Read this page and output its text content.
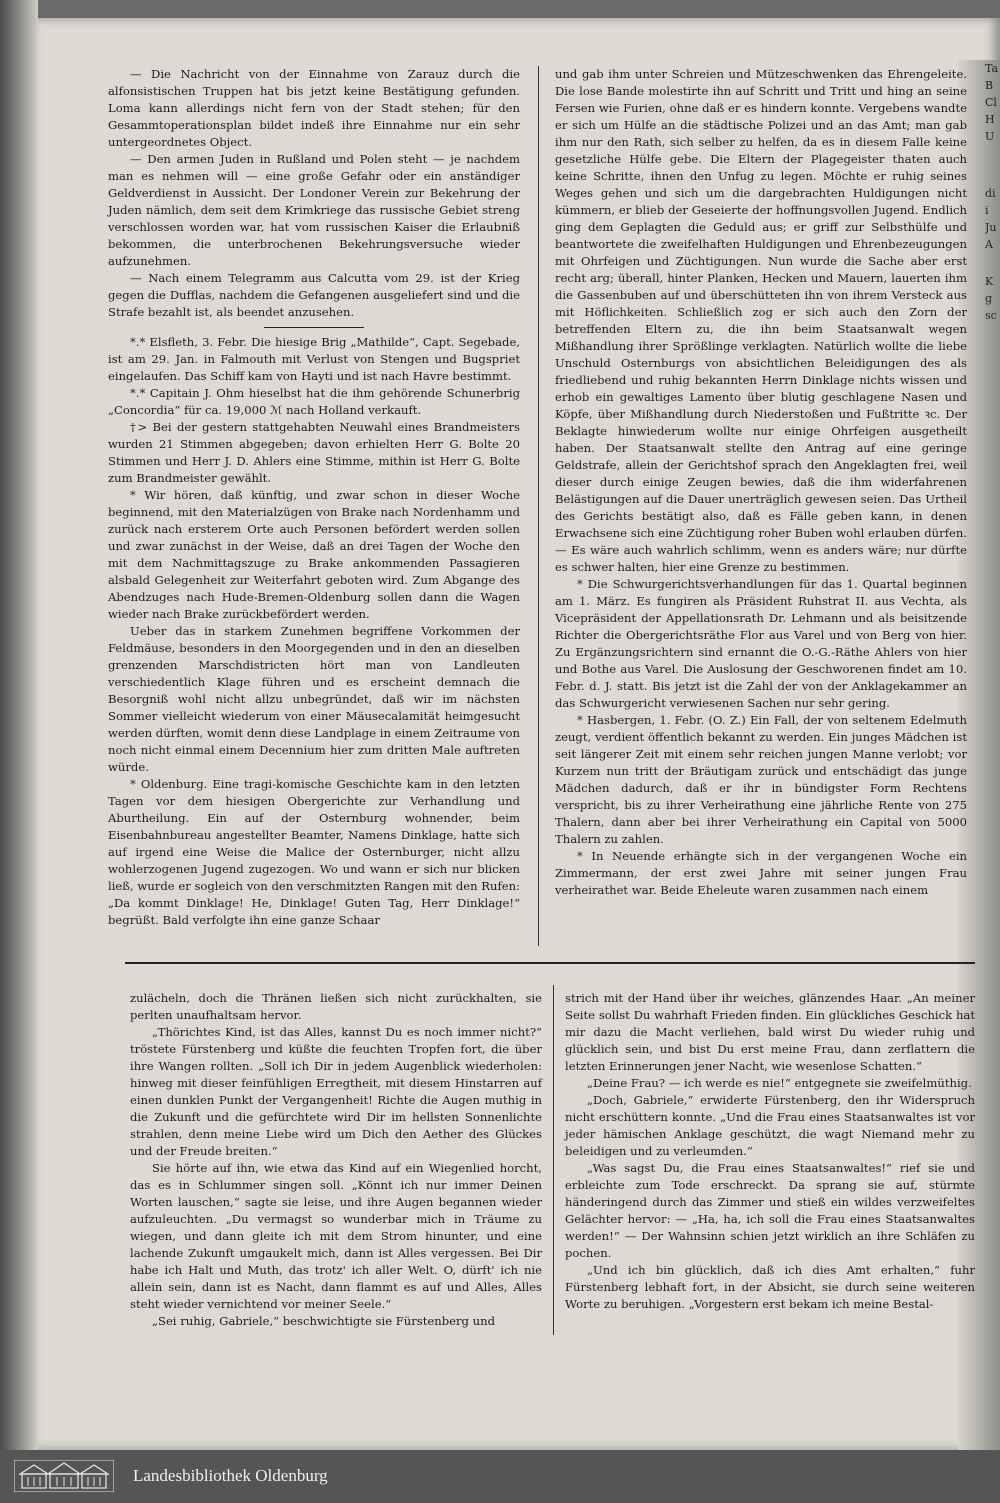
Ta
B
Cl
H
U
di
i
Ju
A
K
g
sc

— Die Nachricht von der Einnahme von Zarauz durch die alfonsistischen Truppen hat bis jetzt keine Bestätigung gefunden. Loma kann allerdings nicht fern von der Stadt stehen; für den Gesammtoperationsplan bildet indeß ihre Einnahme nur ein sehr untergeordnetes Object.

— Den armen Juden in Rußland und Polen steht — je nachdem man es nehmen will — eine große Gefahr oder ein anständiger Geldverdienst in Aussicht. Der Londoner Verein zur Bekehrung der Juden nämlich, dem seit dem Krimkriege das russische Gebiet streng verschlossen worden war, hat vom russischen Kaiser die Erlaubniß bekommen, die unterbrochenen Bekehrungsversuche wieder aufzunehmen.

— Nach einem Telegramm aus Calcutta vom 29. ist der Krieg gegen die Dufflas, nachdem die Gefangenen ausgeliefert sind und die Strafe bezahlt ist, als beendet anzusehen.

*.* Elsfleth, 3. Febr. Die hiesige Brig „Mathilde“, Capt. Segebade, ist am 29. Jan. in Falmouth mit Verlust von Stengen und Bugspriet eingelaufen. Das Schiff kam von Hayti und ist nach Havre bestimmt.

*.* Capitain J. Ohm hieselbst hat die ihm gehörende Schunerbrig „Concordia“ für ca. 19,000 ℳ nach Holland verkauft.

†> Bei der gestern stattgehabten Neuwahl eines Brandmeisters wurden 21 Stimmen abgegeben; davon erhielten Herr G. Bolte 20 Stimmen und Herr J. D. Ahlers eine Stimme, mithin ist Herr G. Bolte zum Brandmeister gewählt.

* Wir hören, daß künftig, und zwar schon in dieser Woche beginnend, mit den Materialzügen von Brake nach Nordenhamm und zurück nach ersterem Orte auch Personen befördert werden sollen und zwar zunächst in der Weise, daß an drei Tagen der Woche den mit dem Nachmittagszuge zu Brake ankommenden Passagieren alsbald Gelegenheit zur Weiterfahrt geboten wird. Zum Abgange des Abendzuges nach Hude-Bremen-Oldenburg sollen dann die Wagen wieder nach Brake zurückbefördert werden.

Ueber das in starkem Zunehmen begriffene Vorkommen der Feldmäuse, besonders in den Moorgegenden und in den an dieselben grenzenden Marschdistricten hört man von Landleuten verschiedentlich Klage führen und es erscheint demnach die Besorgniß wohl nicht allzu unbegründet, daß wir im nächsten Sommer vielleicht wiederum von einer Mäusecalamität heimgesucht werden dürften, womit denn diese Landplage in einem Zeitraume von noch nicht einmal einem Decennium hier zum dritten Male auftreten würde.

* Oldenburg. Eine tragi-komische Geschichte kam in den letzten Tagen vor dem hiesigen Obergerichte zur Verhandlung und Aburtheilung. Ein auf der Osternburg wohnender, beim Eisenbahnbureau angestellter Beamter, Namens Dinklage, hatte sich auf irgend eine Weise die Malice der Osternburger, nicht allzu wohlerzogenen Jugend zugezogen. Wo und wann er sich nur blicken ließ, wurde er sogleich von den verschmitzten Rangen mit den Rufen: „Da kommt Dinklage! He, Dinklage! Guten Tag, Herr Dinklage!“ begrüßt. Bald verfolgte ihn eine ganze Schaar

und gab ihm unter Schreien und Mützeschwenken das Ehrengeleite. Die lose Bande molestirte ihn auf Schritt und Tritt und hing an seine Fersen wie Furien, ohne daß er es hindern konnte. Vergebens wandte er sich um Hülfe an die städtische Polizei und an das Amt; man gab ihm nur den Rath, sich selber zu helfen, da es in diesem Falle keine gesetzliche Hülfe gebe. Die Eltern der Plagegeister thaten auch keine Schritte, ihnen den Unfug zu legen. Möchte er ruhig seines Weges gehen und sich um die dargebrachten Huldigungen nicht kümmern, er blieb der Geseierte der hoffnungsvollen Jugend. Endlich ging dem Geplagten die Geduld aus; er griff zur Selbsthülfe und beantwortete die zweifelhaften Huldigungen und Ehrenbezeugungen mit Ohrfeigen und Züchtigungen. Nun wurde die Sache aber erst recht arg; überall, hinter Planken, Hecken und Mauern, lauerten ihm die Gassenbuben auf und überschütteten ihn von ihrem Versteck aus mit Höflichkeiten. Schließlich zog er sich auch den Zorn der betreffenden Eltern zu, die ihn beim Staatsanwalt wegen Mißhandlung ihrer Sprößlinge verklagten. Natürlich wollte die liebe Unschuld Osternburgs von absichtlichen Beleidigungen des als friedliebend und ruhig bekannten Herrn Dinklage nichts wissen und erhob ein gewaltiges Lamento über blutig geschlagene Nasen und Köpfe, über Mißhandlung durch Niederstoßen und Fußtritte ꝛc. Der Beklagte hinwiederum wollte nur einige Ohrfeigen ausgetheilt haben. Der Staatsanwalt stellte den Antrag auf eine geringe Geldstrafe, allein der Gerichtshof sprach den Angeklagten frei, weil dieser durch einige Zeugen bewies, daß die ihm widerfahrenen Belästigungen auf die Dauer unerträglich gewesen seien. Das Urtheil des Gerichts bestätigt also, daß es Fälle geben kann, in denen Erwachsene sich eine Züchtigung roher Buben wohl erlauben dürfen. — Es wäre auch wahrlich schlimm, wenn es anders wäre; nur dürfte es schwer halten, hier eine Grenze zu bestimmen.

* Die Schwurgerichtsverhandlungen für das 1. Quartal beginnen am 1. März. Es fungiren als Präsident Ruhstrat II. aus Vechta, als Vicepräsident der Appellationsrath Dr. Lehmann und als beisitzende Richter die Obergerichtsräthe Flor aus Varel und von Berg von hier. Zu Ergänzungsrichtern sind ernannt die O.-G.-Räthe Ahlers von hier und Bothe aus Varel. Die Auslosung der Geschworenen findet am 10. Febr. d. J. statt. Bis jetzt ist die Zahl der von der Anklagekammer an das Schwurgericht verwiesenen Sachen nur sehr gering.

* Hasbergen, 1. Febr. (O. Z.) Ein Fall, der von seltenem Edelmuth zeugt, verdient öffentlich bekannt zu werden. Ein junges Mädchen ist seit längerer Zeit mit einem sehr reichen jungen Manne verlobt; vor Kurzem nun tritt der Bräutigam zurück und entschädigt das junge Mädchen dadurch, daß er ihr in bündigster Form Rechtens verspricht, bis zu ihrer Verheirathung eine jährliche Rente von 275 Thalern, dann aber bei ihrer Verheirathung ein Capital von 5000 Thalern zu zahlen.

* In Neuende erhängte sich in der vergangenen Woche ein Zimmermann, der erst zwei Jahre mit seiner jungen Frau verheirathet war. Beide Eheleute waren zusammen nach einem

zulächeln, doch die Thränen ließen sich nicht zurückhalten, sie perlten unaufhaltsam hervor.

„Thörichtes Kind, ist das Alles, kannst Du es noch immer nicht?“ tröstete Fürstenberg und küßte die feuchten Tropfen fort, die über ihre Wangen rollten. „Soll ich Dir in jedem Augenblick wiederholen: hinweg mit dieser feinfühligen Erregtheit, mit diesem Hinstarren auf einen dunklen Punkt der Vergangenheit! Richte die Augen muthig in die Zukunft und die gefürchtete wird Dir im hellsten Sonnenlichte strahlen, denn meine Liebe wird um Dich den Aether des Glückes und der Freude breiten.“

Sie hörte auf ihn, wie etwa das Kind auf ein Wiegenlied horcht, das es in Schlummer singen soll. „Könnt ich nur immer Deinen Worten lauschen,“ sagte sie leise, und ihre Augen begannen wieder aufzuleuchten. „Du vermagst so wunderbar mich in Träume zu wiegen, und dann gleite ich mit dem Strom hinunter, und eine lachende Zukunft umgaukelt mich, dann ist Alles vergessen. Bei Dir habe ich Halt und Muth, das trotz' ich aller Welt. O, dürft' ich nie allein sein, dann ist es Nacht, dann flammt es auf und Alles, Alles steht wieder vernichtend vor meiner Seele.“

„Sei ruhig, Gabriele,“ beschwichtigte sie Fürstenberg und

strich mit der Hand über ihr weiches, glänzendes Haar. „An meiner Seite sollst Du wahrhaft Frieden finden. Ein glückliches Geschick hat mir dazu die Macht verliehen, bald wirst Du wieder ruhig und glücklich sein, und bist Du erst meine Frau, dann zerflattern die letzten Erinnerungen jener Nacht, wie wesenlose Schatten.“

„Deine Frau? — ich werde es nie!“ entgegnete sie zweifelmüthig.

„Doch, Gabriele,“ erwiderte Fürstenberg, den ihr Widerspruch nicht erschüttern konnte. „Und die Frau eines Staatsanwaltes ist vor jeder hämischen Anklage geschützt, die wagt Niemand mehr zu beleidigen und zu verleumden.“

„Was sagst Du, die Frau eines Staatsanwaltes!“ rief sie und erbleichte zum Tode erschreckt. Da sprang sie auf, stürmte händeringend durch das Zimmer und stieß ein wildes verzweifeltes Gelächter hervor: — „Ha, ha, ich soll die Frau eines Staatsanwaltes werden!“ — Der Wahnsinn schien jetzt wirklich an ihre Schläfen zu pochen.

„Und ich bin glücklich, daß ich dies Amt erhalten,“ fuhr Fürstenberg lebhaft fort, in der Absicht, sie durch seine weiteren Worte zu beruhigen. „Vorgestern erst bekam ich meine Bestal-

Landesbibliothek Oldenburg
